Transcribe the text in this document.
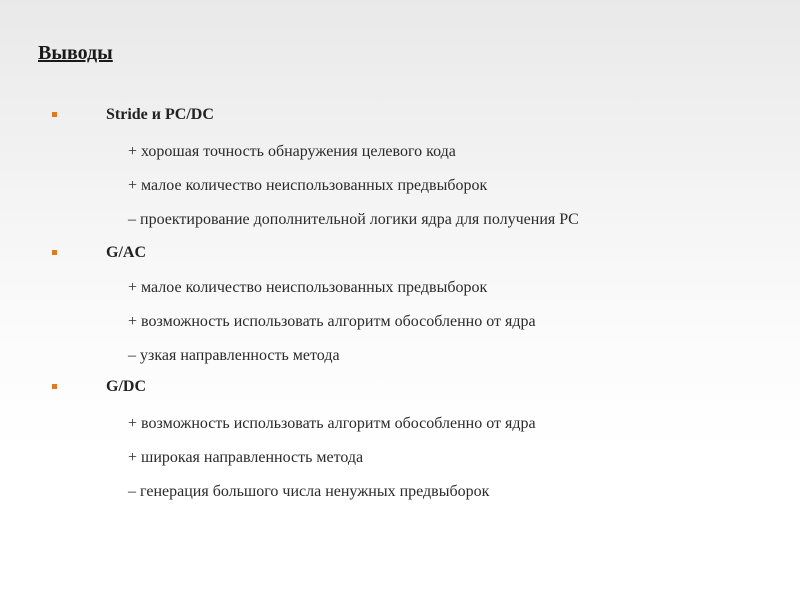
Выводы
Stride и PC/DC
+ хорошая точность обнаружения целевого кода
+ малое количество неиспользованных предвыборок
– проектирование дополнительной логики ядра для получения PC
G/AC
+ малое количество неиспользованных предвыборок
+ возможность использовать алгоритм обособленно от ядра
– узкая направленность метода
G/DC
+ возможность использовать алгоритм обособленно от ядра
+ широкая направленность метода
– генерация большого числа ненужных предвыборок
